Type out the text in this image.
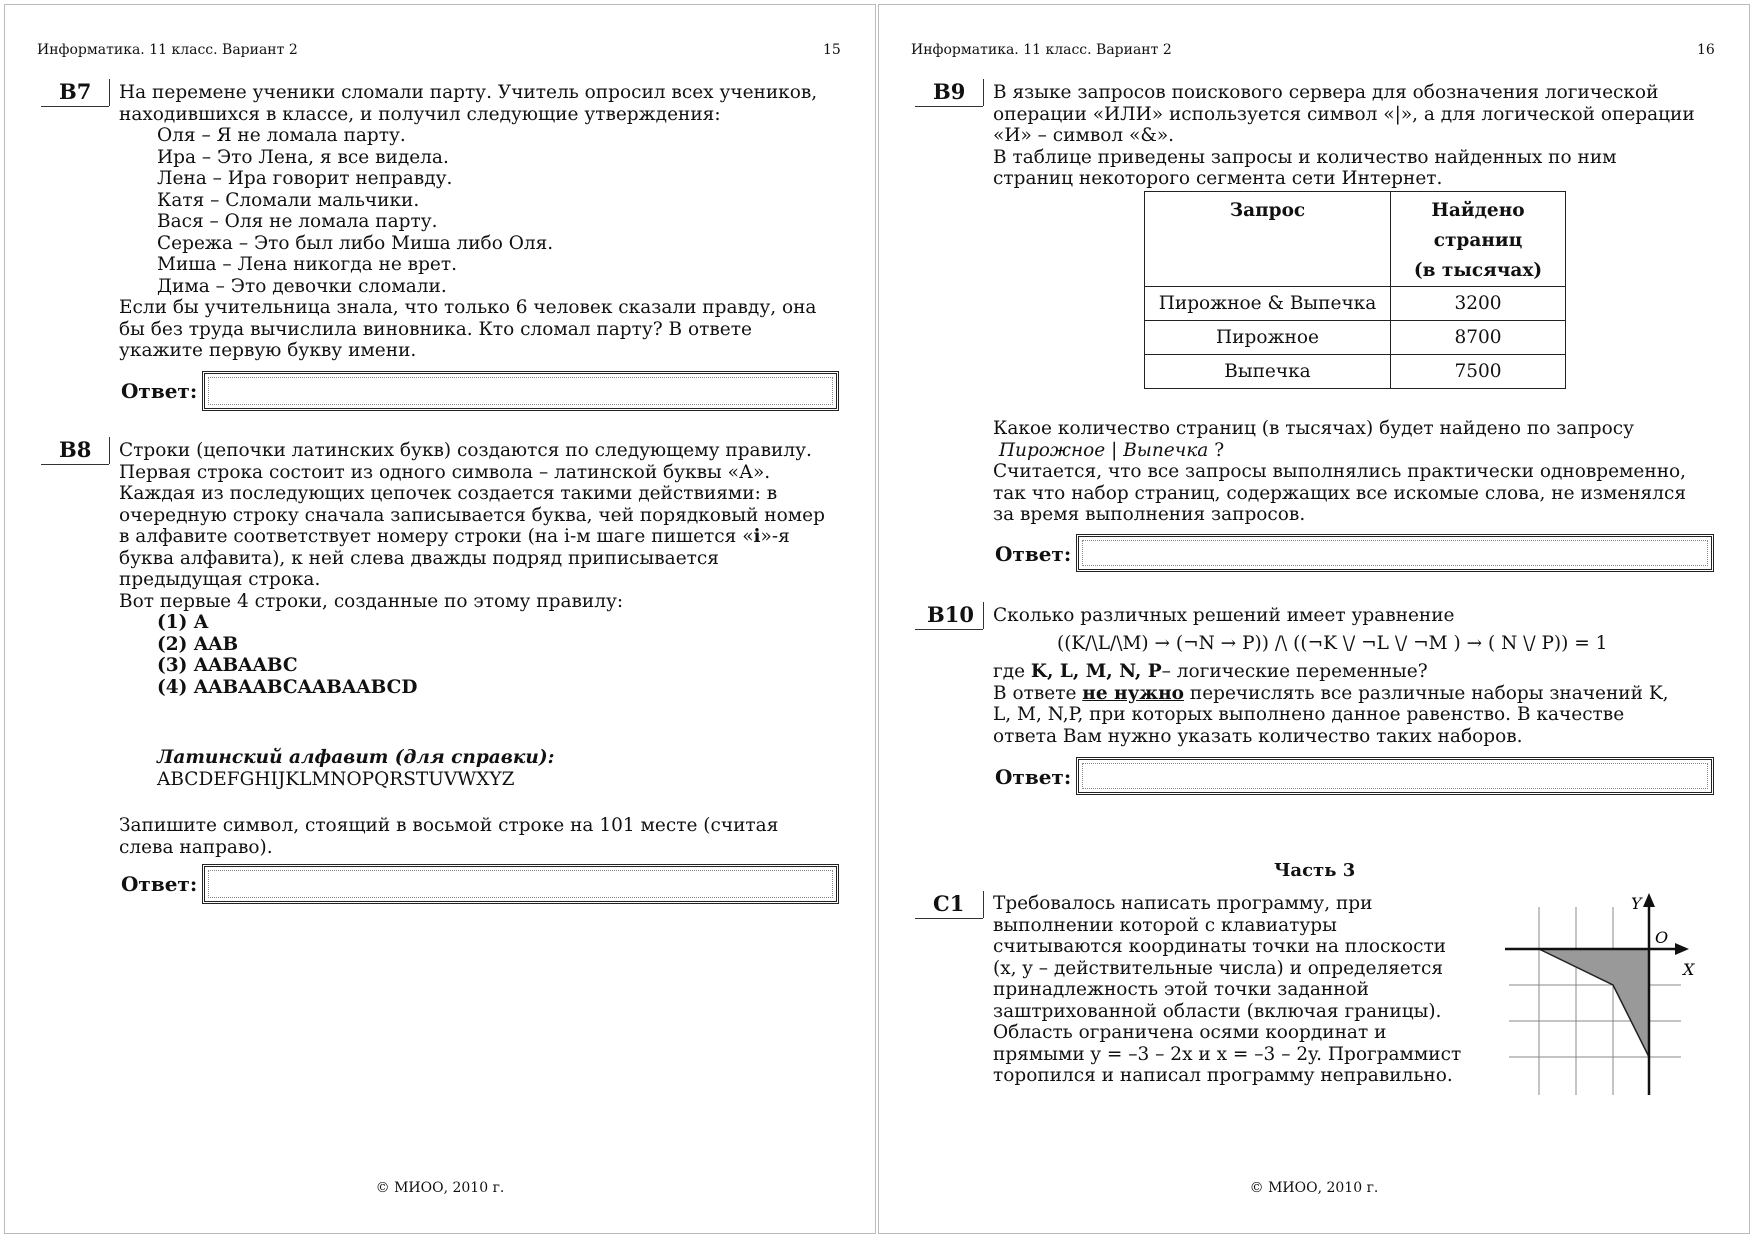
Информатика. 11 класс. Вариант 2	15
B7 На перемене ученики сломали парту. Учитель опросил всех учеников,
находившихся в классе, и получил следующие утверждения:
Оля – Я не ломала парту.
Ира – Это Лена, я все видела.
Лена – Ира говорит неправду.
Катя – Сломали мальчики.
Вася – Оля не ломала парту.
Сережа – Это был либо Миша либо Оля.
Миша – Лена никогда не врет.
Дима – Это девочки сломали.
Если бы учительница знала, что только 6 человек сказали правду, она
бы без труда вычислила виновника. Кто сломал парту? В ответе
укажите первую букву имени.
Ответ:
B8 Строки (цепочки латинских букв) создаются по следующему правилу.
Первая строка состоит из одного символа – латинской буквы «А».
Каждая из последующих цепочек создается такими действиями: в
очередную строку сначала записывается буква, чей порядковый номер
в алфавите соответствует номеру строки (на i-м шаге пишется «i»-я
буква алфавита), к ней слева дважды подряд приписывается
предыдущая строка.
Вот первые 4 строки, созданные по этому правилу:
(1) A
(2) AAB
(3) AABAABC
(4) AABAABCAABAABCD
Латинский алфавит (для справки):
ABCDEFGHIJKLMNOPQRSTUVWXYZ
Запишите символ, стоящий в восьмой строке на 101 месте (считая
слева направо).
Ответ:
© МИОО, 2010 г.
Информатика. 11 класс. Вариант 2	16
B9 В языке запросов поискового сервера для обозначения логической
операции «ИЛИ» используется символ «|», а для логической операции
«И» – символ «&».
В таблице приведены запросы и количество найденных по ним
страниц некоторого сегмента сети Интернет.
Запрос	Найдено
страниц
(в тысячах)

Пирожное & Выпечка	3200
Пирожное	8700
Выпечка	7500
Какое количество страниц (в тысячах) будет найдено по запросу
Пирожное | Выпечка ?
Считается, что все запросы выполнялись практически одновременно,
так что набор страниц, содержащих все искомые слова, не изменялся
за время выполнения запросов.
Ответ:
B10 Сколько различных решений имеет уравнение
((K/\L/\M) → (¬N → P)) /\ ((¬K \/ ¬L \/ ¬M ) → ( N \/ P)) = 1
где K, L, M, N, P– логические переменные?
В ответе не нужно перечислять все различные наборы значений K,
L, M, N,P, при которых выполнено данное равенство. В качестве
ответа Вам нужно указать количество таких наборов.
Ответ:
Часть 3
C1 Требовалось написать программу, при
выполнении которой с клавиатуры
считываются координаты точки на плоскости
(x, y – действительные числа) и определяется
принадлежность этой точки заданной
заштрихованной области (включая границы).
Область ограничена осями координат и
прямыми y = –3 – 2x и x = –3 – 2y. Программист
торопился и написал программу неправильно.
Y
X
O
© МИОО, 2010 г.
